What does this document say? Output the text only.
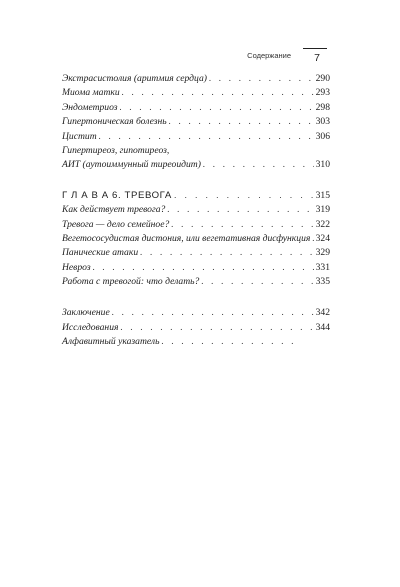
Содержание 7
Экстрасистолия (аритмия сердца) . . .	290
Миома матки . . .	293
Эндометриоз . . .	298
Гипертоническая болезнь . . .	303
Цистит . . .	306
Гипертиреоз, гипотиреоз,
АИТ (аутоиммунный тиреоидит) . . .	310
Г Л А В А 6. ТРЕВОГА . . .	315
Как действует тревога? . . .	319
Тревога — дело семейное? . . .	322
Вегетососудистая дистония, или вегетативная дисфункция . . . 324
Панические атаки . . .	329
Невроз . . .	331
Работа с тревогой: что делать? . . .	335
Заключение . . .	342
Исследования . . .	344
Алфавитный указатель
. . .
